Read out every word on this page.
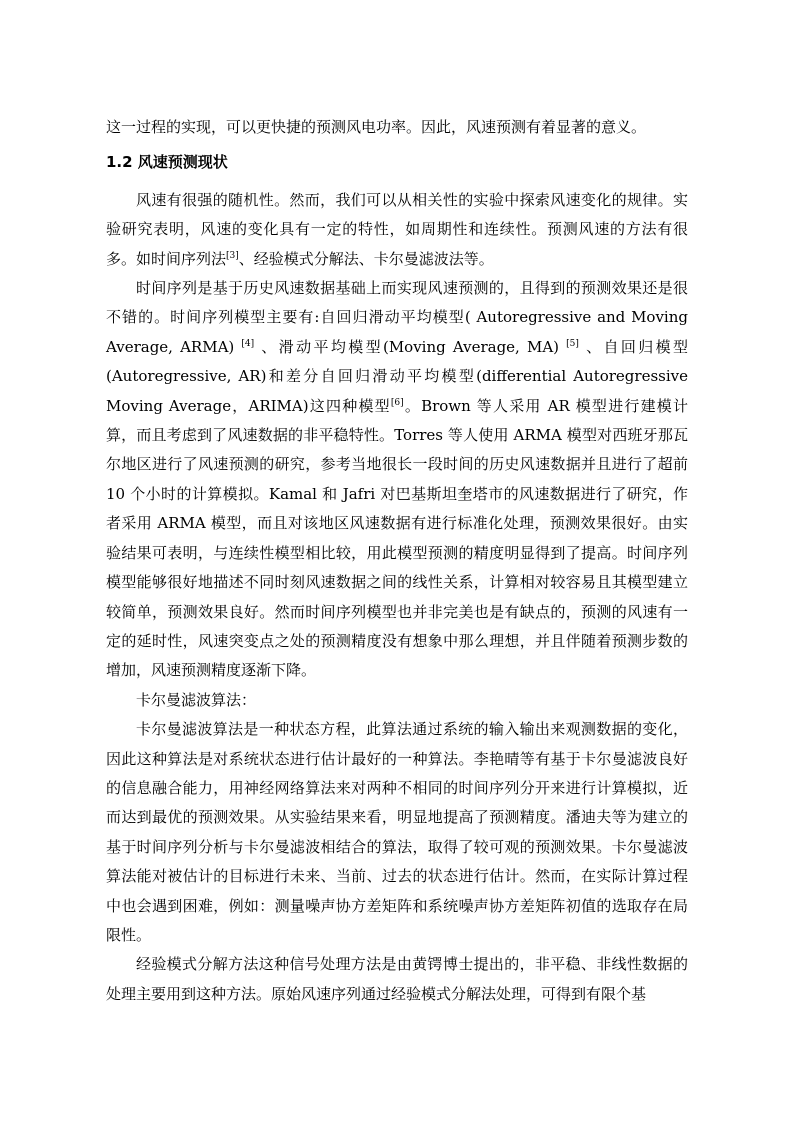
这一过程的实现，可以更快捷的预测风电功率。因此，风速预测有着显著的意义。

1.2 风速预测现状

风速有很强的随机性。然而，我们可以从相关性的实验中探索风速变化的规律。实验研究表明，风速的变化具有一定的特性，如周期性和连续性。预测风速的方法有很多。如时间序列法[3]、经验模式分解法、卡尔曼滤波法等。

时间序列是基于历史风速数据基础上而实现风速预测的，且得到的预测效果还是很不错的。时间序列模型主要有:自回归滑动平均模型( Autoregressive and Moving Average, ARMA) [4] 、滑动平均模型(Moving Average, MA) [5] 、自回归模型(Autoregressive, AR)和差分自回归滑动平均模型(differential Autoregressive Moving Average，ARIMA)这四种模型[6]。Brown 等人采用 AR 模型进行建模计算，而且考虑到了风速数据的非平稳特性。Torres 等人使用 ARMA 模型对西班牙那瓦尔地区进行了风速预测的研究，参考当地很长一段时间的历史风速数据并且进行了超前 10 个小时的计算模拟。Kamal 和 Jafri 对巴基斯坦奎塔市的风速数据进行了研究，作者采用 ARMA 模型，而且对该地区风速数据有进行标准化处理，预测效果很好。由实验结果可表明，与连续性模型相比较，用此模型预测的精度明显得到了提高。时间序列模型能够很好地描述不同时刻风速数据之间的线性关系，计算相对较容易且其模型建立较简单，预测效果良好。然而时间序列模型也并非完美也是有缺点的，预测的风速有一定的延时性，风速突变点之处的预测精度没有想象中那么理想，并且伴随着预测步数的增加，风速预测精度逐渐下降。

卡尔曼滤波算法：

卡尔曼滤波算法是一种状态方程，此算法通过系统的输入输出来观测数据的变化，因此这种算法是对系统状态进行估计最好的一种算法。李艳晴等有基于卡尔曼滤波良好的信息融合能力，用神经网络算法来对两种不相同的时间序列分开来进行计算模拟，近而达到最优的预测效果。从实验结果来看，明显地提高了预测精度。潘迪夫等为建立的基于时间序列分析与卡尔曼滤波相结合的算法，取得了较可观的预测效果。卡尔曼滤波算法能对被估计的目标进行未来、当前、过去的状态进行估计。然而，在实际计算过程中也会遇到困难，例如：测量噪声协方差矩阵和系统噪声协方差矩阵初值的选取存在局限性。

经验模式分解方法这种信号处理方法是由黄锷博士提出的，非平稳、非线性数据的处理主要用到这种方法。原始风速序列通过经验模式分解法处理，可得到有限个基
